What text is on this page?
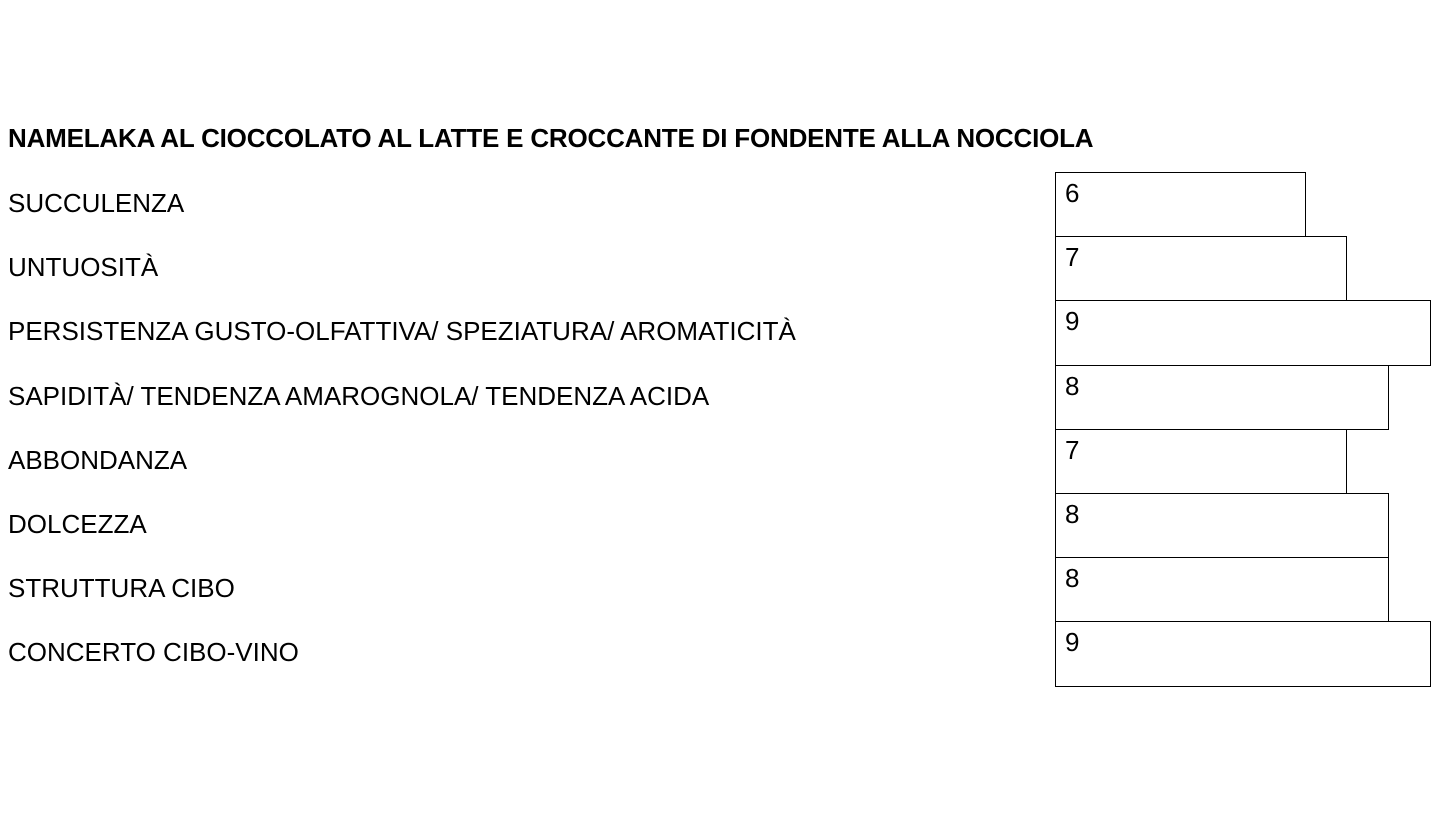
NAMELAKA AL CIOCCOLATO AL LATTE E CROCCANTE DI FONDENTE ALLA NOCCIOLA
SUCCULENZA	6
UNTUOSITÀ	7
PERSISTENZA GUSTO-OLFATTIVA/ SPEZIATURA/ AROMATICITÀ	9
SAPIDITÀ/ TENDENZA AMAROGNOLA/ TENDENZA ACIDA	8
ABBONDANZA	7
DOLCEZZA	8
STRUTTURA CIBO	8
CONCERTO CIBO-VINO	9
